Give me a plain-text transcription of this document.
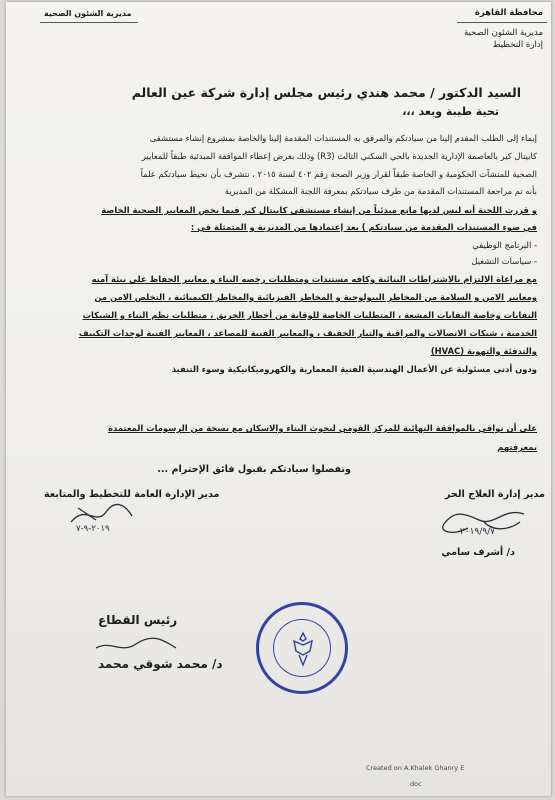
مديرية الشئون الصحية	محافظة القاهرة
مديرية الشئون الصحية
إدارة التخطيط
السيد الدكتور / محمد هندي رئيس مجلس إدارة شركة عين العالم
تحية طيبة وبعد ،،،
إيماء إلى الطلب المقدم إلينا من سيادتكم والمرفق به المستندات المقدمة إلينا والخاصة بمشروع إنشاء مستشفى
كابيتال كير بالعاصمة الإدارية الجديدة بالحي السكني الثالث (R3) وذلك بغرض إعطاء الموافقة المبدئية طبقاً للمعايير
الصحية للمنشآت الحكومية و الخاصة طبقاً لقرار وزير الصحة رقم ٤٠٢ لسنة ٢٠١٥ ، نتشرف بأن نحيط سيادتكم علماً
بأنه تم مراجعة المستندات المقدمة من طرف سيادتكم بمعرفة اللجنة المشكلة من المديرية
و قررت اللجنة أنه ليس لديها مانع مبدئياً من إنشاء مستشفى كابيتال كير فيما يخص المعايير الصحية الخاصة
في ضوء المستندات المقدمة من سيادتكم ) بعد إعتمادها من المديرية و المتمثلة في :
- البرنامج الوظيفي
- سياسات التشغيل
مع مراعاة الالتزام بالاشتراطات البنائية وكافه مستندات ومتطلبات رخصه البناء و معايير الحفاظ على بيئة آمنه
ومعايير الامن و السلامة من المخاطر البيولوجية و المخاطر الفيزيائية والمخاطر الكيميائية ، التخلص الامن من
النفايات وخاصة النفايات المشعة ، المتطلبات الخاصة للوقاية من أخطار الحريق ، متطلبات نظم البناء و الشبكات
الخدمية ، شبكات الاتصالات والمراقبة والتيار الخفيف ، والمعايير الفنية للمصاعد ، المعايير الفنية لوحدات التكييف
والتدفئة والتهوية (HVAC)
ودون أدنى مسئولية عن الأعمال الهندسية الفنية المعمارية والكهروميكانيكية وسوء التنفيذ
على أن نوافي بالموافقة النهائية للمركز القومي لبحوث البناء والاسكان مع نسخة من الرسومات المعتمدة
بمعرفتهم
وتفضلوا سيادتكم بقبول فائق الإحترام ...
مدير إدارة العلاج الحر
مدير الإدارة العامة للتخطيط والمتابعة
٢٠١٩/٩/٧
د/ أشرف سامي
٢٠١٩-٩-٧
رئيس القطاع
د/ محمد شوقي محمد
Created on A.Khalek Ghanry E
doc
